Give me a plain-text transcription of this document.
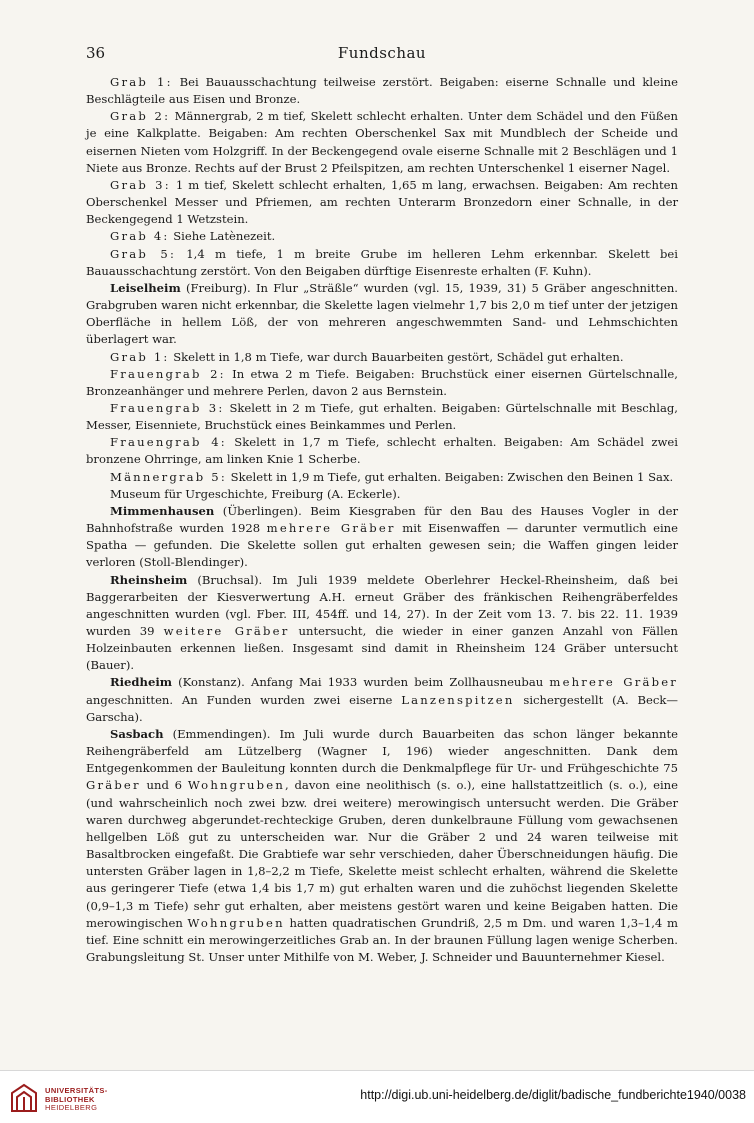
36	Fundschau

Grab 1: Bei Bauausschachtung teilweise zerstört. Beigaben: eiserne Schnalle und kleine Beschlägteile aus Eisen und Bronze.

Grab 2: Männergrab, 2 m tief, Skelett schlecht erhalten. Unter dem Schädel und den Füßen je eine Kalkplatte. Beigaben: Am rechten Oberschenkel Sax mit Mundblech der Scheide und eisernen Nieten vom Holzgriff. In der Beckengegend ovale eiserne Schnalle mit 2 Beschlägen und 1 Niete aus Bronze. Rechts auf der Brust 2 Pfeilspitzen, am rechten Unterschenkel 1 eiserner Nagel.

Grab 3: 1 m tief, Skelett schlecht erhalten, 1,65 m lang, erwachsen. Beigaben: Am rechten Oberschenkel Messer und Pfriemen, am rechten Unterarm Bronzedorn einer Schnalle, in der Beckengegend 1 Wetzstein.

Grab 4: Siehe Latènezeit.

Grab 5: 1,4 m tiefe, 1 m breite Grube im helleren Lehm erkennbar. Skelett bei Bauausschachtung zerstört. Von den Beigaben dürftige Eisenreste erhalten (F. Kuhn).

Leiselheim (Freiburg). In Flur „Sträßle“ wurden (vgl. 15, 1939, 31) 5 Gräber angeschnitten. Grabgruben waren nicht erkennbar, die Skelette lagen vielmehr 1,7 bis 2,0 m tief unter der jetzigen Oberfläche in hellem Löß, der von mehreren angeschwemmten Sand- und Lehmschichten überlagert war.

Grab 1: Skelett in 1,8 m Tiefe, war durch Bauarbeiten gestört, Schädel gut erhalten.

Frauengrab 2: In etwa 2 m Tiefe. Beigaben: Bruchstück einer eisernen Gürtelschnalle, Bronzeanhänger und mehrere Perlen, davon 2 aus Bernstein.

Frauengrab 3: Skelett in 2 m Tiefe, gut erhalten. Beigaben: Gürtelschnalle mit Beschlag, Messer, Eisenniete, Bruchstück eines Beinkammes und Perlen.

Frauengrab 4: Skelett in 1,7 m Tiefe, schlecht erhalten. Beigaben: Am Schädel zwei bronzene Ohrringe, am linken Knie 1 Scherbe.

Männergrab 5: Skelett in 1,9 m Tiefe, gut erhalten. Beigaben: Zwischen den Beinen 1 Sax.

Museum für Urgeschichte, Freiburg (A. Eckerle).

Mimmenhausen (Überlingen). Beim Kiesgraben für den Bau des Hauses Vogler in der Bahnhofstraße wurden 1928 mehrere Gräber mit Eisenwaffen — darunter vermutlich eine Spatha — gefunden. Die Skelette sollen gut erhalten gewesen sein; die Waffen gingen leider verloren (Stoll-Blendinger).

Rheinsheim (Bruchsal). Im Juli 1939 meldete Oberlehrer Heckel-Rheinsheim, daß bei Baggerarbeiten der Kiesverwertung A.H. erneut Gräber des fränkischen Reihengräberfeldes angeschnitten wurden (vgl. Fber. III, 454ff. und 14, 27). In der Zeit vom 13. 7. bis 22. 11. 1939 wurden 39 weitere Gräber untersucht, die wieder in einer ganzen Anzahl von Fällen Holzeinbauten erkennen ließen. Insgesamt sind damit in Rheinsheim 124 Gräber untersucht (Bauer).

Riedheim (Konstanz). Anfang Mai 1933 wurden beim Zollhausneubau mehrere Gräber angeschnitten. An Funden wurden zwei eiserne Lanzenspitzen sichergestellt (A. Beck—Garscha).

Sasbach (Emmendingen). Im Juli wurde durch Bauarbeiten das schon länger bekannte Reihengräberfeld am Lützelberg (Wagner I, 196) wieder angeschnitten. Dank dem Entgegenkommen der Bauleitung konnten durch die Denkmalpflege für Ur- und Frühgeschichte 75 Gräber und 6 Wohngruben, davon eine neolithisch (s. o.), eine hallstattzeitlich (s. o.), eine (und wahrscheinlich noch zwei bzw. drei weitere) merowingisch untersucht werden. Die Gräber waren durchweg abgerundet-rechteckige Gruben, deren dunkelbraune Füllung vom gewachsenen hellgelben Löß gut zu unterscheiden war. Nur die Gräber 2 und 24 waren teilweise mit Basaltbrocken eingefaßt. Die Grabtiefe war sehr verschieden, daher Überschneidungen häufig. Die untersten Gräber lagen in 1,8–2,2 m Tiefe, Skelette meist schlecht erhalten, während die Skelette aus geringerer Tiefe (etwa 1,4 bis 1,7 m) gut erhalten waren und die zuhöchst liegenden Skelette (0,9–1,3 m Tiefe) sehr gut erhalten, aber meistens gestört waren und keine Beigaben hatten. Die merowingischen Wohngruben hatten quadratischen Grundriß, 2,5 m Dm. und waren 1,3–1,4 m tief. Eine schnitt ein merowingerzeitliches Grab an. In der braunen Füllung lagen wenige Scherben. Grabungsleitung St. Unser unter Mithilfe von M. Weber, J. Schneider und Bauunternehmer Kiesel.

UNIVERSITÄTS-
BIBLIOTHEK
HEIDELBERG
http://digi.ub.uni-heidelberg.de/diglit/badische_fundberichte1940/0038
